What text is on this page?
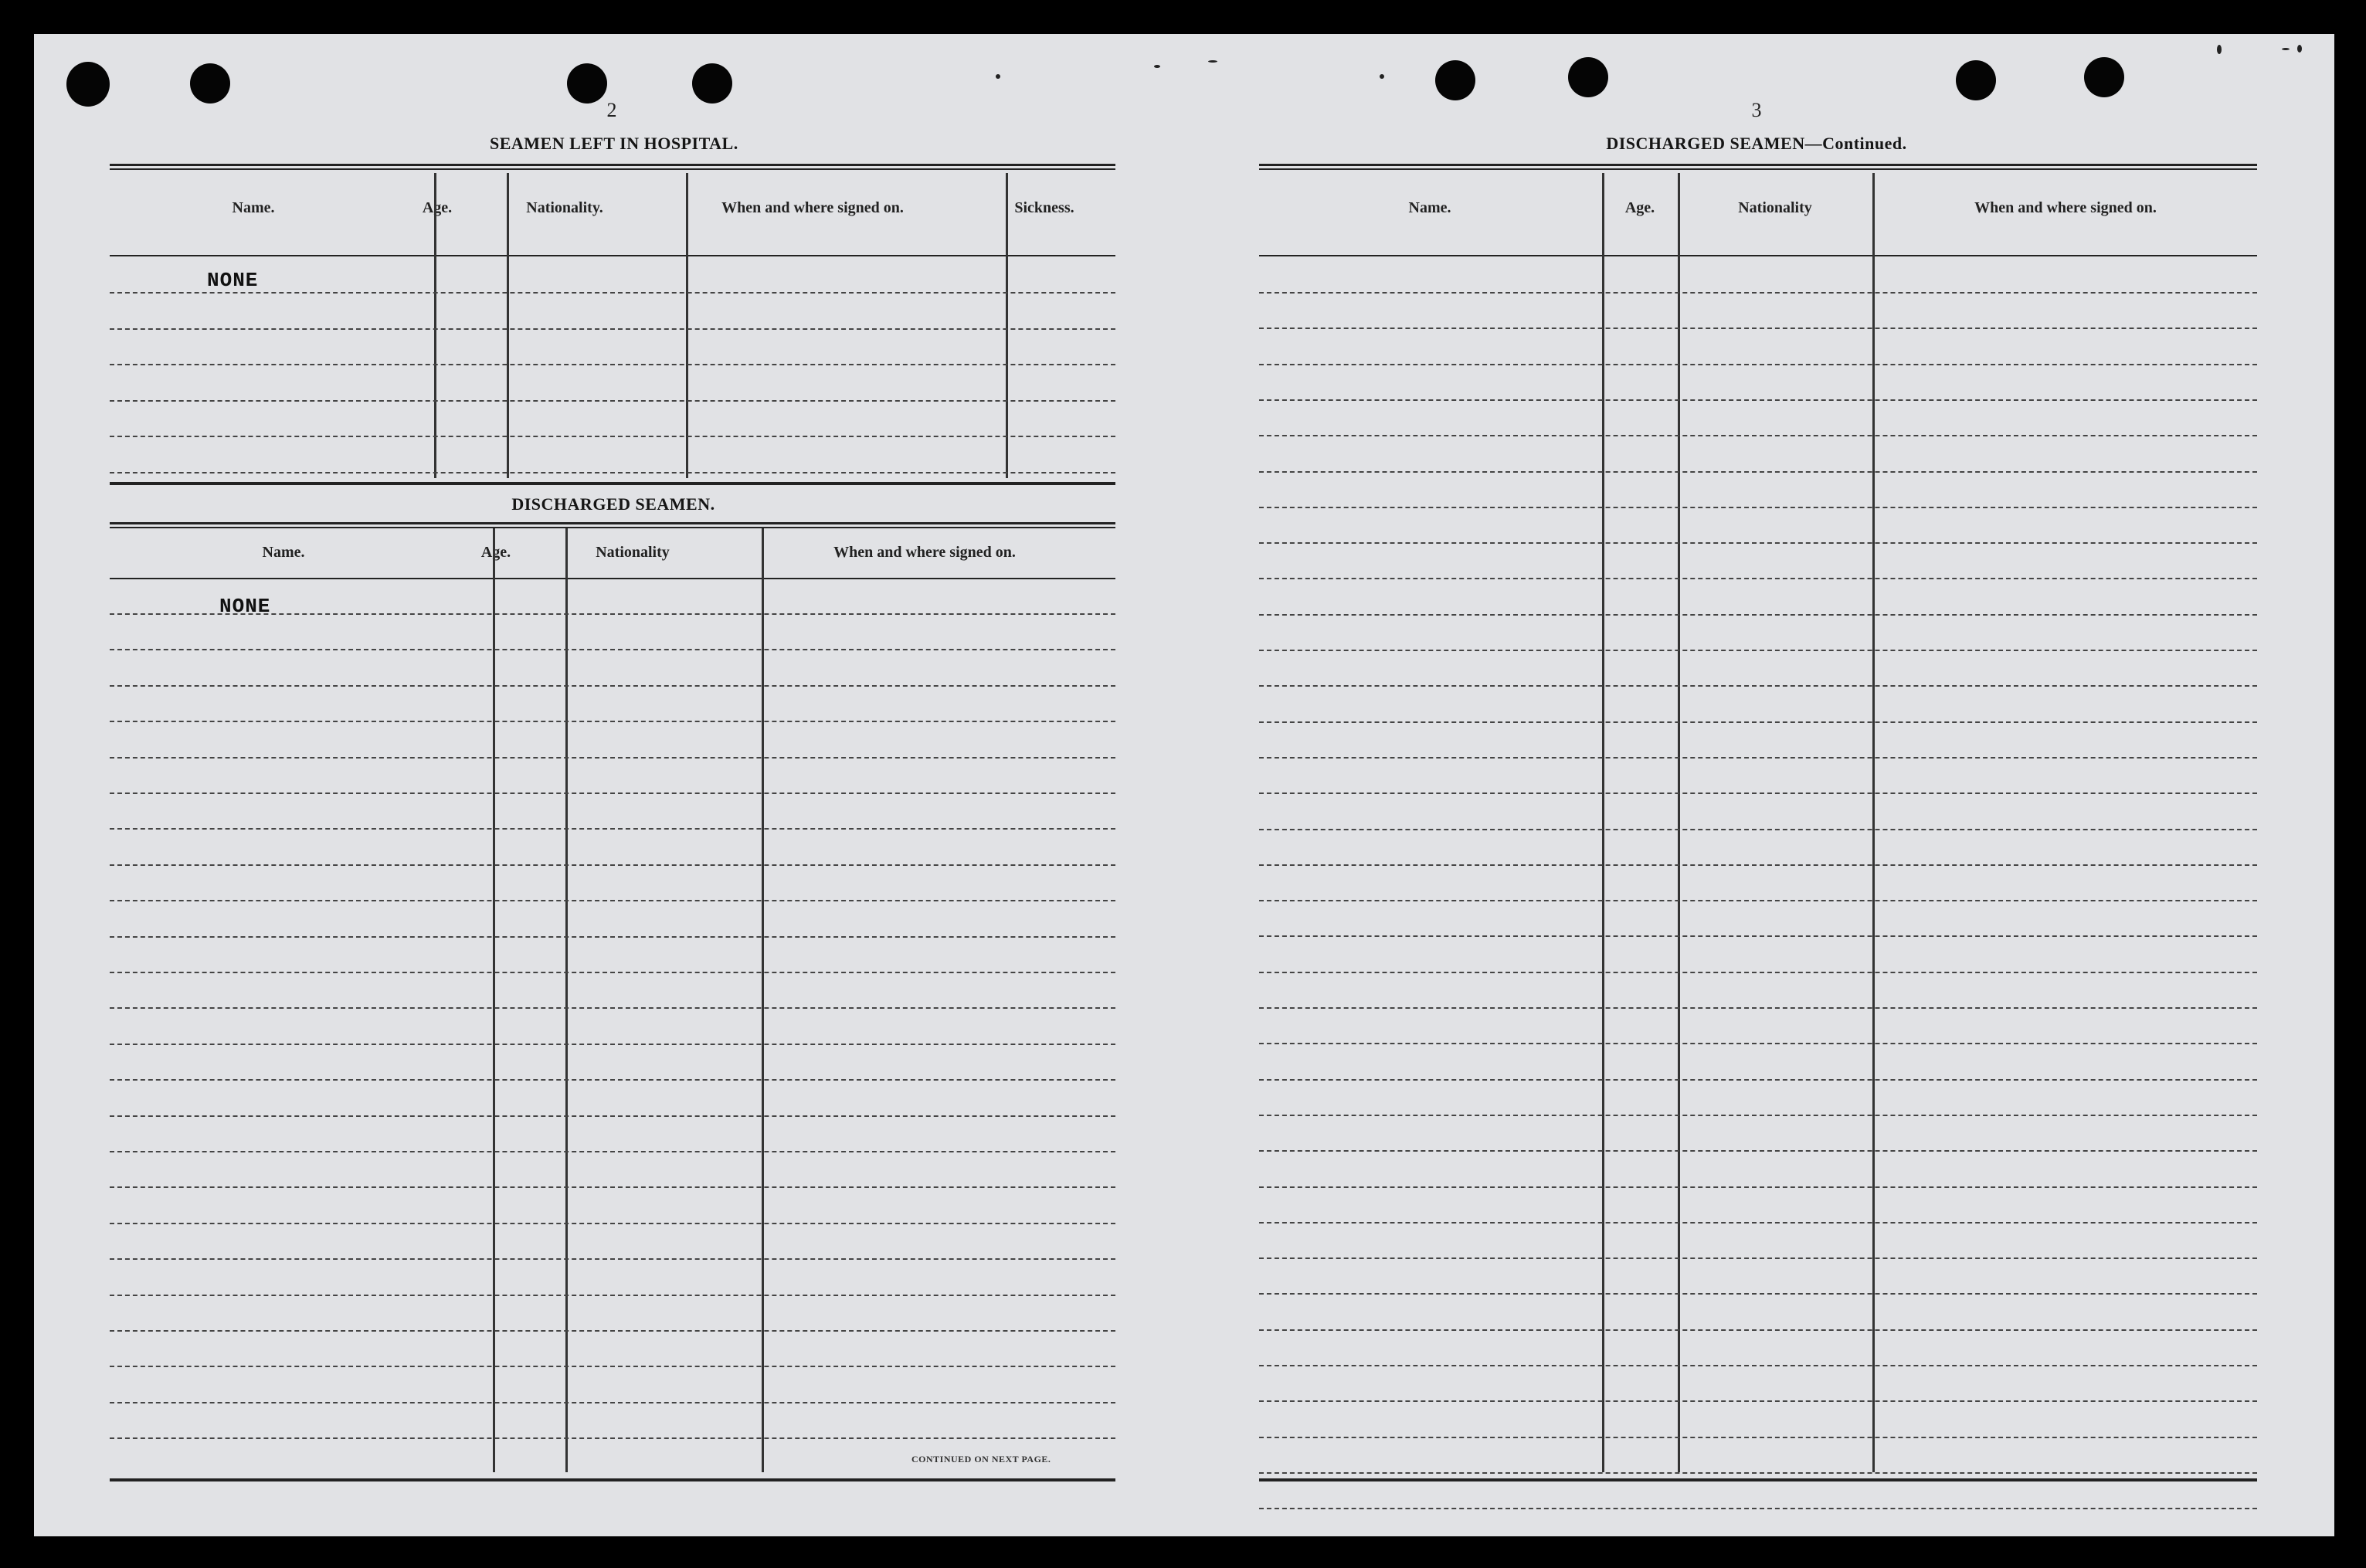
2
SEAMEN LEFT IN HOSPITAL.
Name.	Age.	Nationality.	When and where signed on.	Sickness.
NONE
DISCHARGED SEAMEN.
Name.	Age.	Nationality	When and where signed on.
NONE
CONTINUED ON NEXT PAGE.
3
DISCHARGED SEAMEN—Continued.
Name.	Age.	Nationality	When and where signed on.
